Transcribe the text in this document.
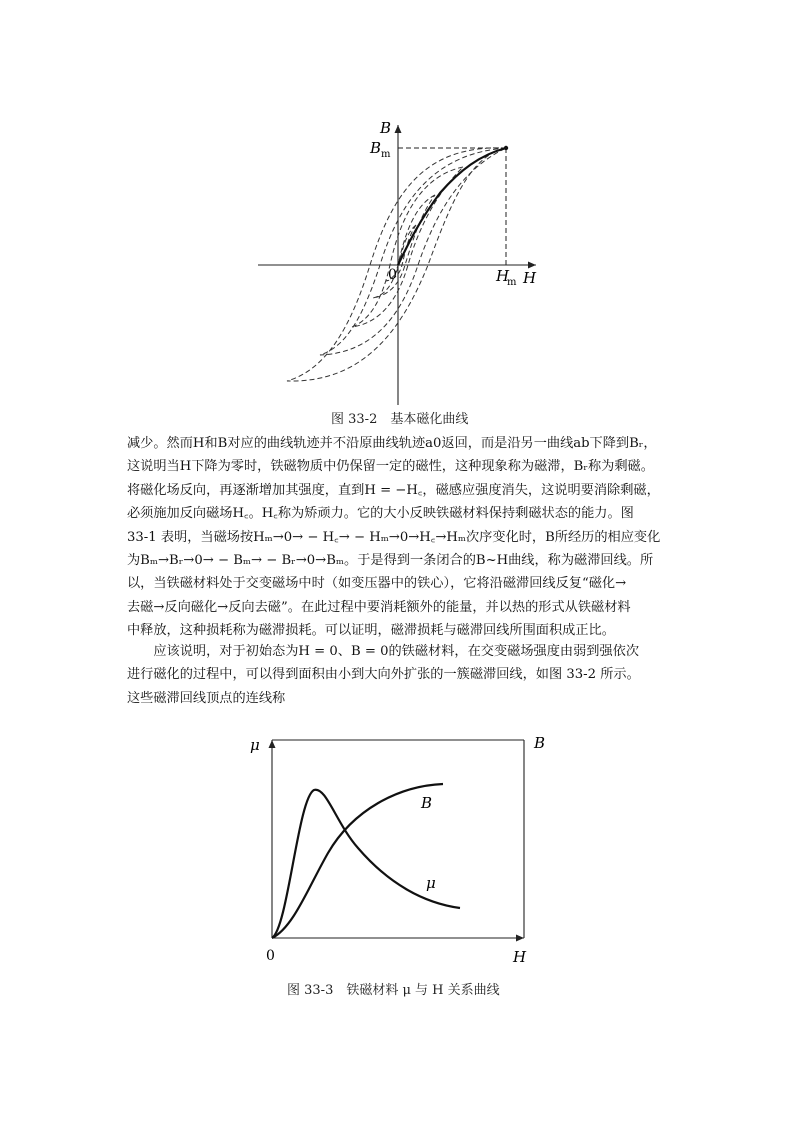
B
B m
0	H
m H
图 33-2　基本磁化曲线
减少。然而H和B对应的曲线轨迹并不沿原曲线轨迹a0返回，而是沿另一曲线ab下降到Bᵣ，
这说明当H下降为零时，铁磁物质中仍保留一定的磁性，这种现象称为磁滞，Bᵣ称为剩磁。
将磁化场反向，再逐渐增加其强度，直到H = −H꜀，磁感应强度消失，这说明要消除剩磁，
必须施加反向磁场H꜀。H꜀称为矫顽力。它的大小反映铁磁材料保持剩磁状态的能力。图
33-1 表明，当磁场按Hₘ→0→ − H꜀→ − Hₘ→0→H꜀→Hₘ次序变化时，B所经历的相应变化
为Bₘ→Bᵣ→0→ − Bₘ→ − Bᵣ→0→Bₘ。于是得到一条闭合的B~H曲线，称为磁滞回线。所
以，当铁磁材料处于交变磁场中时（如变压器中的铁心），它将沿磁滞回线反复“磁化→
去磁→反向磁化→反向去磁”。在此过程中要消耗额外的能量，并以热的形式从铁磁材料
中释放，这种损耗称为磁滞损耗。可以证明，磁滞损耗与磁滞回线所围面积成正比。
　　应该说明，对于初始态为H = 0、B = 0的铁磁材料，在交变磁场强度由弱到强依次
进行磁化的过程中，可以得到面积由小到大向外扩张的一簇磁滞回线，如图 33-2 所示。
这些磁滞回线顶点的连线称
μ	B
0	H
B
μ
图 33-3　铁磁材料 μ 与 H 关系曲线
